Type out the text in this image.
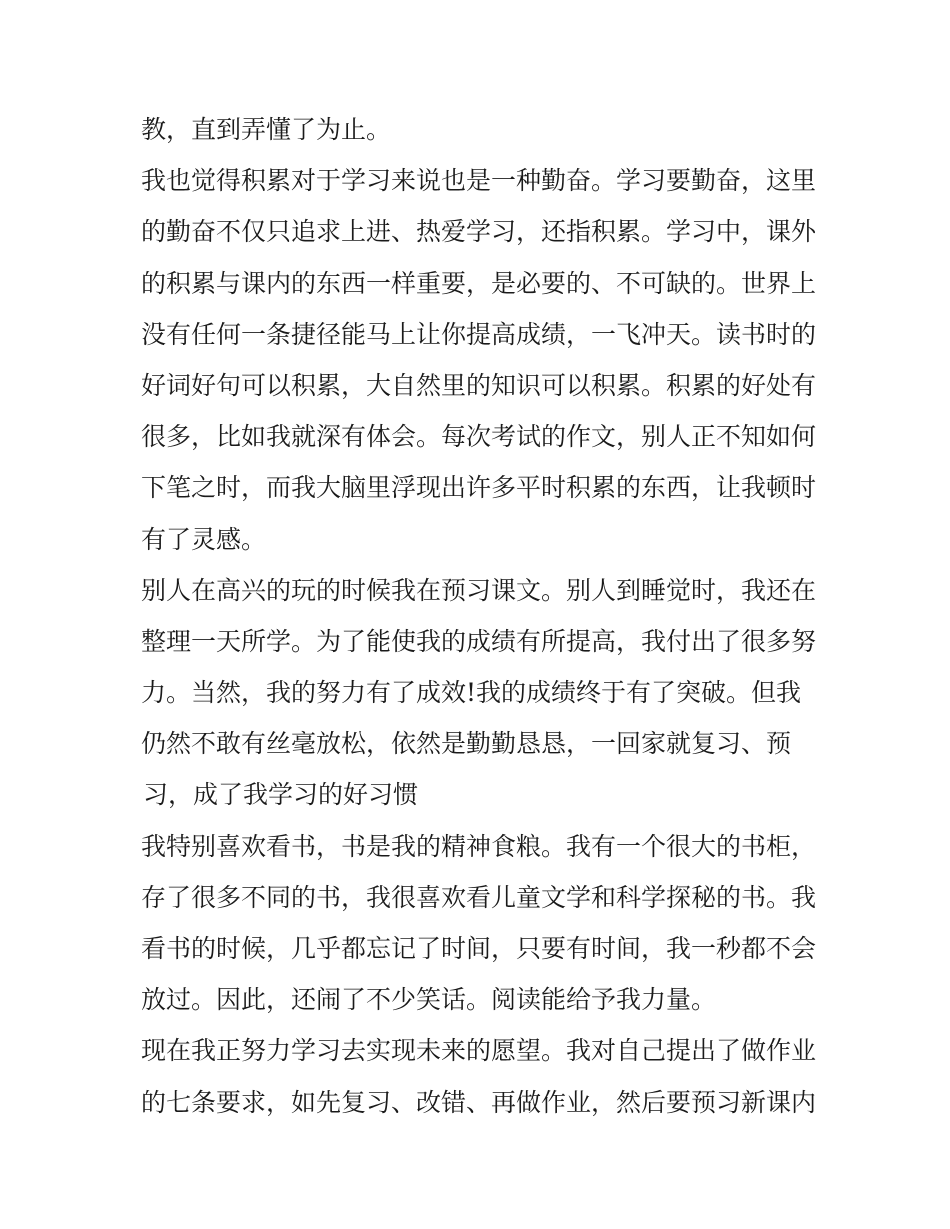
教，直到弄懂了为止。
我也觉得积累对于学习来说也是一种勤奋。学习要勤奋，这里
的勤奋不仅只追求上进、热爱学习，还指积累。学习中，课外
的积累与课内的东西一样重要，是必要的、不可缺的。世界上
没有任何一条捷径能马上让你提高成绩，一飞冲天。读书时的
好词好句可以积累，大自然里的知识可以积累。积累的好处有
很多，比如我就深有体会。每次考试的作文，别人正不知如何
下笔之时，而我大脑里浮现出许多平时积累的东西，让我顿时
有了灵感。
别人在高兴的玩的时候我在预习课文。别人到睡觉时，我还在
整理一天所学。为了能使我的成绩有所提高，我付出了很多努
力。当然，我的努力有了成效!我的成绩终于有了突破。但我
仍然不敢有丝毫放松，依然是勤勤恳恳，一回家就复习、预
习，成了我学习的好习惯
我特别喜欢看书，书是我的精神食粮。我有一个很大的书柜，
存了很多不同的书，我很喜欢看儿童文学和科学探秘的书。我
看书的时候，几乎都忘记了时间，只要有时间，我一秒都不会
放过。因此，还闹了不少笑话。阅读能给予我力量。
现在我正努力学习去实现未来的愿望。我对自己提出了做作业
的七条要求，如先复习、改错、再做作业，然后要预习新课内
